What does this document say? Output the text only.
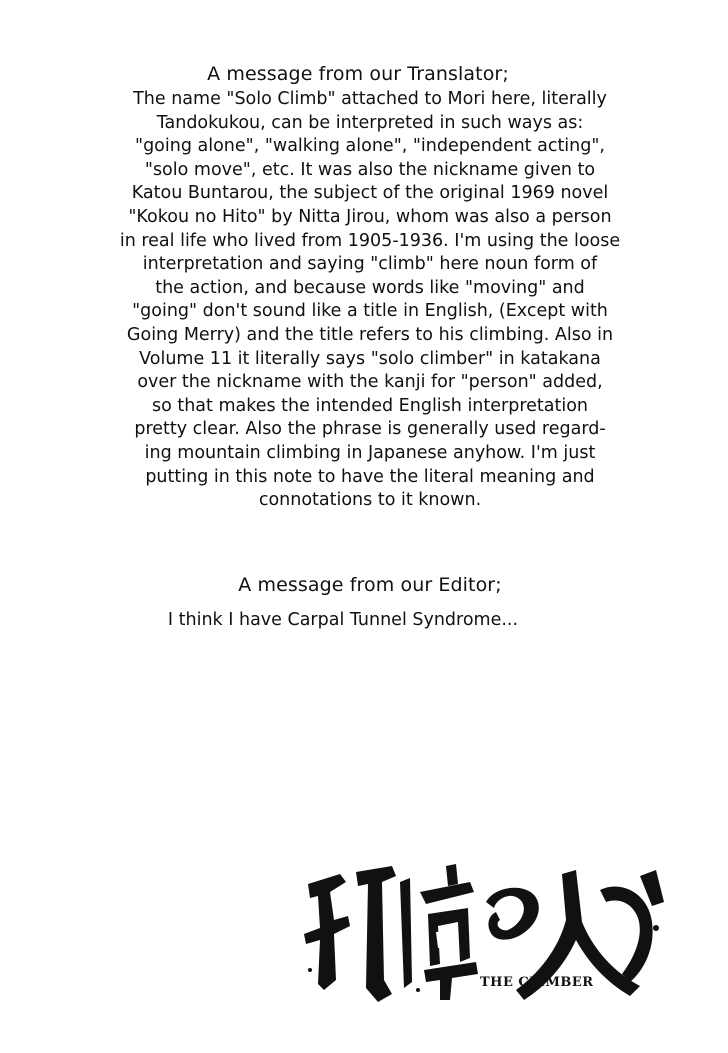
A message from our Translator;
The name "Solo Climb" attached to Mori here, literally
Tandokukou, can be interpreted in such ways as:
"going alone", "walking alone", "independent acting",
"solo move", etc. It was also the nickname given to
Katou Buntarou, the subject of the original 1969 novel
"Kokou no Hito" by Nitta Jirou, whom was also a person
in real life who lived from 1905-1936. I'm using the loose
interpretation and saying "climb" here noun form of
the action, and because words like "moving" and
"going" don't sound like a title in English, (Except with
Going Merry) and the title refers to his climbing. Also in
Volume 11 it literally says "solo climber" in katakana
over the nickname with the kanji for "person" added,
so that makes the intended English interpretation
pretty clear. Also the phrase is generally used regard-
ing mountain climbing in Japanese anyhow. I'm just
putting in this note to have the literal meaning and
connotations to it known.
A message from our Editor;
I think I have Carpal Tunnel Syndrome...
THE CLIMBER
